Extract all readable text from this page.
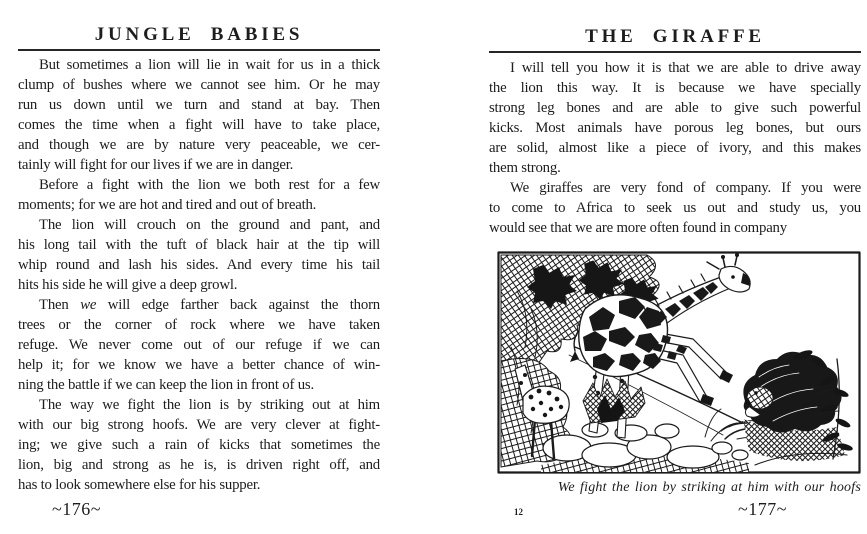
JUNGLE BABIES
But sometimes a lion will lie in wait for us in a thick
clump of bushes where we cannot see him. Or he may
run us down until we turn and stand at bay. Then
comes the time when a fight will have to take place,
and though we are by nature very peaceable, we cer-
tainly will fight for our lives if we are in danger.
Before a fight with the lion we both rest for a few
moments; for we are hot and tired and out of breath.
The lion will crouch on the ground and pant, and
his long tail with the tuft of black hair at the tip will
whip round and lash his sides. And every time his tail
hits his side he will give a deep growl.
Then we will edge farther back against the thorn
trees or the corner of rock where we have taken
refuge. We never come out of our refuge if we can
help it; for we know we have a better chance of win-
ning the battle if we can keep the lion in front of us.
The way we fight the lion is by striking out at him
with our big strong hoofs. We are very clever at fight-
ing; we give such a rain of kicks that sometimes the
lion, big and strong as he is, is driven right off, and
has to look somewhere else for his supper.
~176~
THE GIRAFFE
I will tell you how it is that we are able to drive away
the lion this way. It is because we have specially
strong leg bones and are able to give such powerful
kicks. Most animals have porous leg bones, but ours
are solid, almost like a piece of ivory, and this makes
them strong.
We giraffes are very fond of company. If you were
to come to Africa to seek us out and study us, you
would see that we are more often found in company
We fight the lion by striking at him with our hoofs
12	~177~
